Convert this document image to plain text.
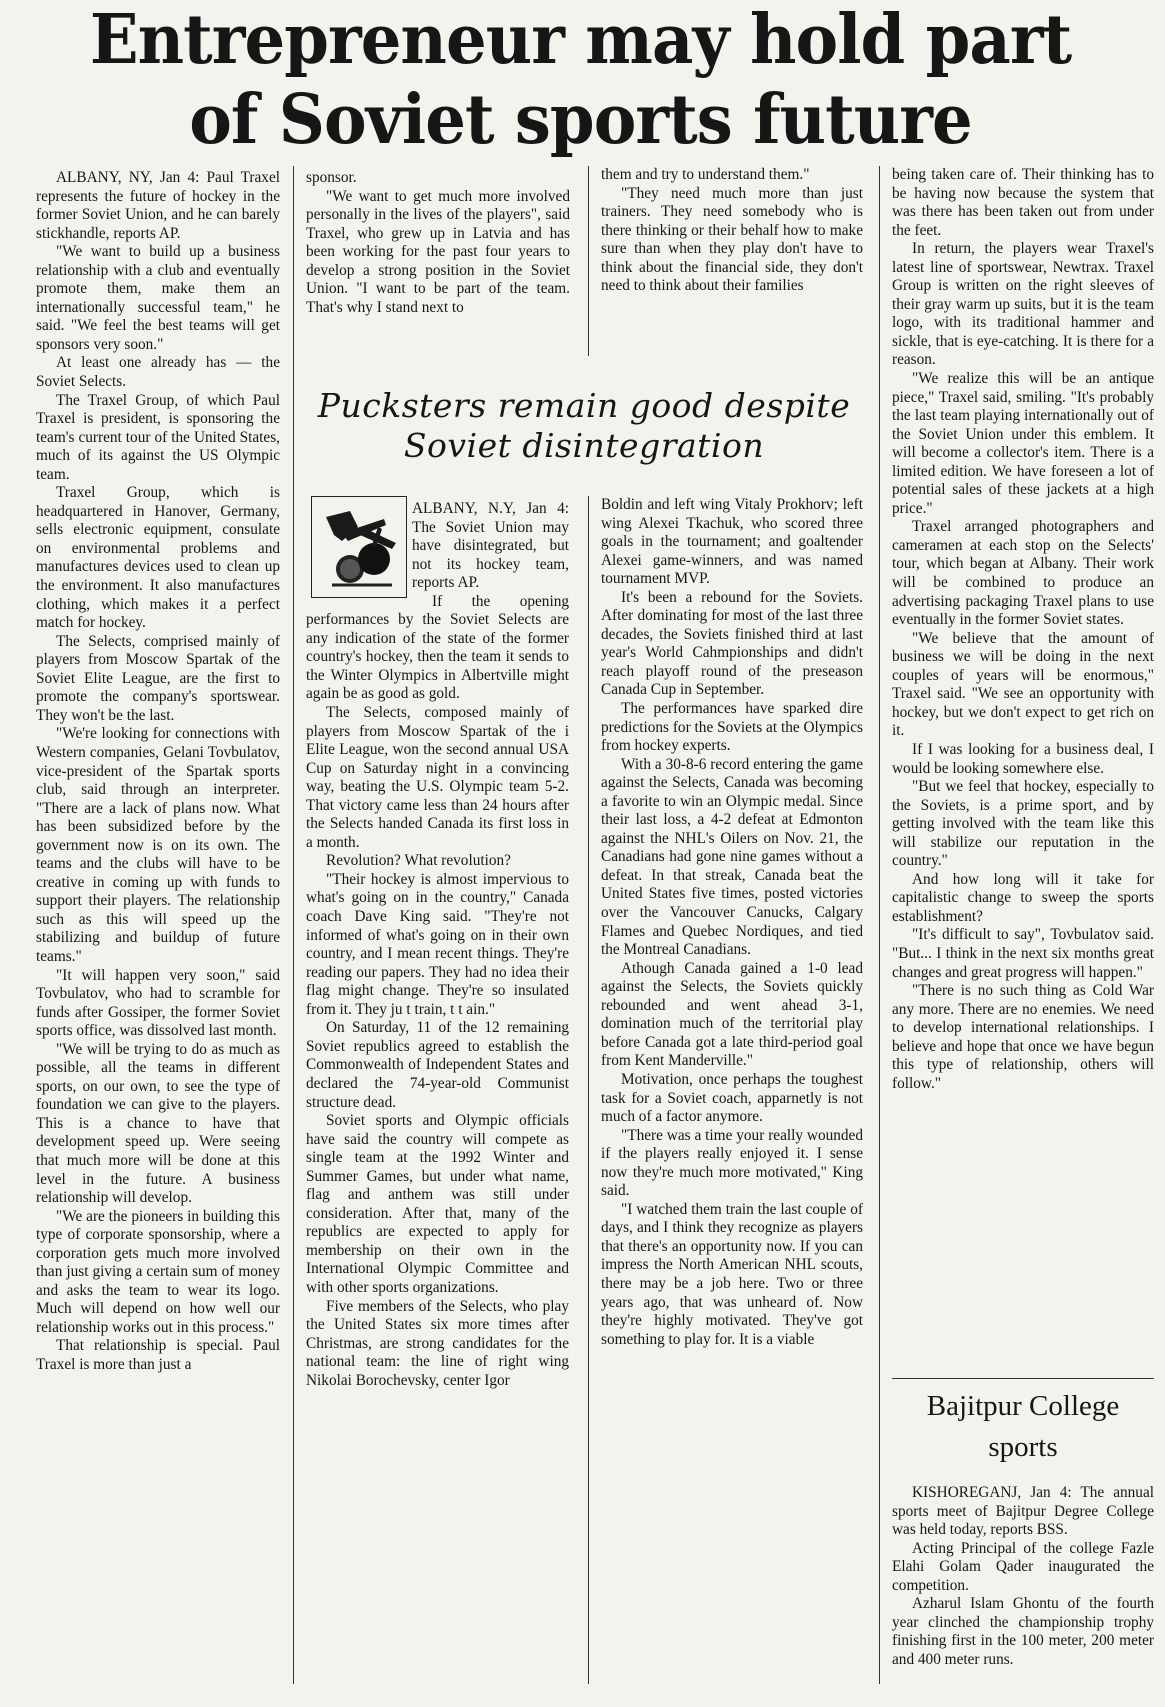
Entrepreneur may hold part
of Soviet sports future

ALBANY, NY, Jan 4: Paul Traxel represents the future of hockey in the former Soviet Union, and he can barely stickhandle, reports AP.

"We want to build up a business relationship with a club and eventually promote them, make them an internationally successful team," he said. "We feel the best teams will get sponsors very soon."

At least one already has — the Soviet Selects.

The Traxel Group, of which Paul Traxel is president, is sponsoring the team's current tour of the United States, much of its against the US Olympic team.

Traxel Group, which is headquartered in Hanover, Germany, sells electronic equipment, consulate on environmental problems and manufactures devices used to clean up the environment. It also manufactures clothing, which makes it a perfect match for hockey.

The Selects, comprised mainly of players from Moscow Spartak of the Soviet Elite League, are the first to promote the company's sportswear. They won't be the last.

"We're looking for connections with Western companies, Gelani Tovbulatov, vice-president of the Spartak sports club, said through an interpreter. "There are a lack of plans now. What has been subsidized before by the government now is on its own. The teams and the clubs will have to be creative in coming up with funds to support their players. The relationship such as this will speed up the stabilizing and buildup of future teams."

"It will happen very soon," said Tovbulatov, who had to scramble for funds after Gossiper, the former Soviet sports office, was dissolved last month.

"We will be trying to do as much as possible, all the teams in different sports, on our own, to see the type of foundation we can give to the players. This is a chance to have that development speed up. Were seeing that much more will be done at this level in the future. A business relationship will develop.

"We are the pioneers in building this type of corporate sponsorship, where a corporation gets much more involved than just giving a certain sum of money and asks the team to wear its logo. Much will depend on how well our relationship works out in this process."

That relationship is special. Paul Traxel is more than just a

sponsor.

"We want to get much more involved personally in the lives of the players", said Traxel, who grew up in Latvia and has been working for the past four years to develop a strong position in the Soviet Union. "I want to be part of the team. That's why I stand next to

them and try to understand them."

"They need much more than just trainers. They need somebody who is there thinking or their behalf how to make sure than when they play don't have to think about the financial side, they don't need to think about their families

being taken care of. Their thinking has to be having now because the system that was there has been taken out from under the feet.

In return, the players wear Traxel's latest line of sportswear, Newtrax. Traxel Group is written on the right sleeves of their gray warm up suits, but it is the team logo, with its traditional hammer and sickle, that is eye-catching. It is there for a reason.

"We realize this will be an antique piece," Traxel said, smiling. "It's probably the last team playing internationally out of the Soviet Union under this emblem. It will become a collector's item. There is a limited edition. We have foreseen a lot of potential sales of these jackets at a high price."

Traxel arranged photographers and cameramen at each stop on the Selects' tour, which began at Albany. Their work will be combined to produce an advertising packaging Traxel plans to use eventually in the former Soviet states.

"We believe that the amount of business we will be doing in the next couples of years will be enormous," Traxel said. "We see an opportunity with hockey, but we don't expect to get rich on it.

If I was looking for a business deal, I would be looking somewhere else.

"But we feel that hockey, especially to the Soviets, is a prime sport, and by getting involved with the team like this will stabilize our reputation in the country."

And how long will it take for capitalistic change to sweep the sports establishment?

"It's difficult to say", Tovbulatov said. "But... I think in the next six months great changes and great progress will happen."

"There is no such thing as Cold War any more. There are no enemies. We need to develop international relationships. I believe and hope that once we have begun this type of relationship, others will follow."

Pucksters remain good despite
Soviet disintegration

ALBANY, N.Y, Jan 4: The Soviet Union may have disintegrated, but not its hockey team, reports AP.

If the opening performances by the Soviet Selects are any indication of the state of the former country's hockey, then the team it sends to the Winter Olympics in Albertville might again be as good as gold.

The Selects, composed mainly of players from Moscow Spartak of the i Elite League, won the second annual USA Cup on Saturday night in a convincing way, beating the U.S. Olympic team 5-2. That victory came less than 24 hours after the Selects handed Canada its first loss in a month.

Revolution? What revolution?

"Their hockey is almost impervious to what's going on in the country," Canada coach Dave King said. "They're not informed of what's going on in their own country, and I mean recent things. They're reading our papers. They had no idea their flag might change. They're so insulated from it. They ju t train, t t ain."

On Saturday, 11 of the 12 remaining Soviet republics agreed to establish the Commonwealth of Independent States and declared the 74-year-old Communist structure dead.

Soviet sports and Olympic officials have said the country will compete as single team at the 1992 Winter and Summer Games, but under what name, flag and anthem was still under consideration. After that, many of the republics are expected to apply for membership on their own in the International Olympic Committee and with other sports organizations.

Five members of the Selects, who play the United States six more times after Christmas, are strong candidates for the national team: the line of right wing Nikolai Borochevsky, center Igor

Boldin and left wing Vitaly Prokhorv; left wing Alexei Tkachuk, who scored three goals in the tournament; and goaltender Alexei game-winners, and was named tournament MVP.

It's been a rebound for the Soviets. After dominating for most of the last three decades, the Soviets finished third at last year's World Cahmpionships and didn't reach playoff round of the preseason Canada Cup in September.

The performances have sparked dire predictions for the Soviets at the Olympics from hockey experts.

With a 30-8-6 record entering the game against the Selects, Canada was becoming a favorite to win an Olympic medal. Since their last loss, a 4-2 defeat at Edmonton against the NHL's Oilers on Nov. 21, the Canadians had gone nine games without a defeat. In that streak, Canada beat the United States five times, posted victories over the Vancouver Canucks, Calgary Flames and Quebec Nordiques, and tied the Montreal Canadians.

Athough Canada gained a 1-0 lead against the Selects, the Soviets quickly rebounded and went ahead 3-1, domination much of the territorial play before Canada got a late third-period goal from Kent Manderville."

Motivation, once perhaps the toughest task for a Soviet coach, apparnetly is not much of a factor anymore.

"There was a time your really wounded if the players really enjoyed it. I sense now they're much more motivated," King said.

"I watched them train the last couple of days, and I think they recognize as players that there's an opportunity now. If you can impress the North American NHL scouts, there may be a job here. Two or three years ago, that was unheard of. Now they're highly motivated. They've got something to play for. It is a viable

Bajitpur College
sports

KISHOREGANJ, Jan 4: The annual sports meet of Bajitpur Degree College was held today, reports BSS.

Acting Principal of the college Fazle Elahi Golam Qader inaugurated the competition.

Azharul Islam Ghontu of the fourth year clinched the championship trophy finishing first in the 100 meter, 200 meter and 400 meter runs.
